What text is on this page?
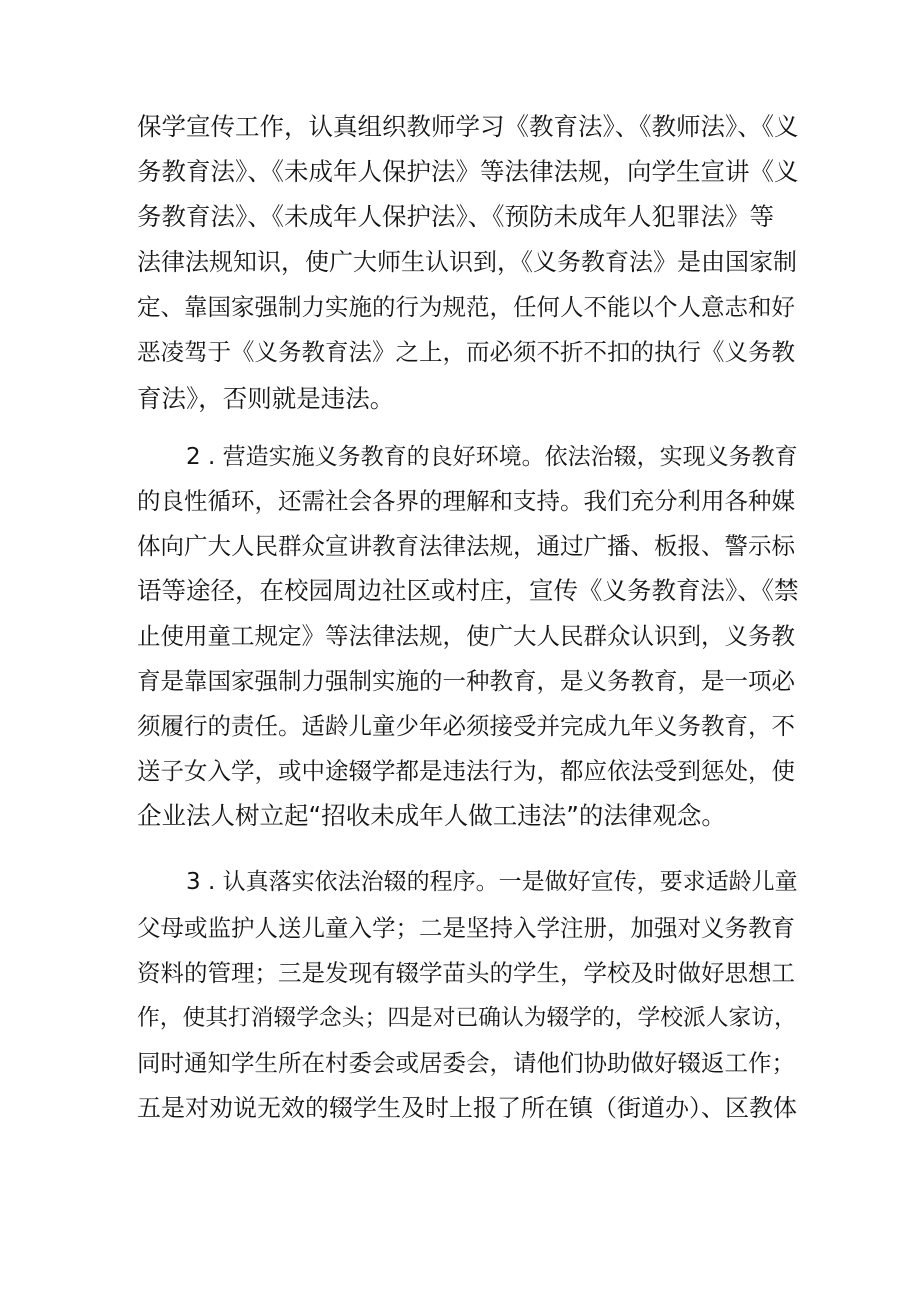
保学宣传工作，认真组织教师学习《教育法》、《教师法》、《义
务教育法》、《未成年人保护法》等法律法规，向学生宣讲《义
务教育法》、《未成年人保护法》、《预防未成年人犯罪法》等
法律法规知识，使广大师生认识到，《义务教育法》是由国家制
定、靠国家强制力实施的行为规范，任何人不能以个人意志和好
恶凌驾于《义务教育法》之上，而必须不折不扣的执行《义务教
育法》，否则就是违法。
2 . 营造实施义务教育的良好环境。依法治辍，实现义务教育
的良性循环，还需社会各界的理解和支持。我们充分利用各种媒
体向广大人民群众宣讲教育法律法规，通过广播、板报、警示标
语等途径，在校园周边社区或村庄，宣传《义务教育法》、《禁
止使用童工规定》等法律法规，使广大人民群众认识到，义务教
育是靠国家强制力强制实施的一种教育，是义务教育，是一项必
须履行的责任。适龄儿童少年必须接受并完成九年义务教育，不
送子女入学，或中途辍学都是违法行为，都应依法受到惩处，使
企业法人树立起“招收未成年人做工违法”的法律观念。
3 . 认真落实依法治辍的程序。一是做好宣传，要求适龄儿童
父母或监护人送儿童入学；二是坚持入学注册，加强对义务教育
资料的管理；三是发现有辍学苗头的学生，学校及时做好思想工
作，使其打消辍学念头；四是对已确认为辍学的，学校派人家访，
同时通知学生所在村委会或居委会，请他们协助做好辍返工作；
五是对劝说无效的辍学生及时上报了所在镇（街道办）、区教体
